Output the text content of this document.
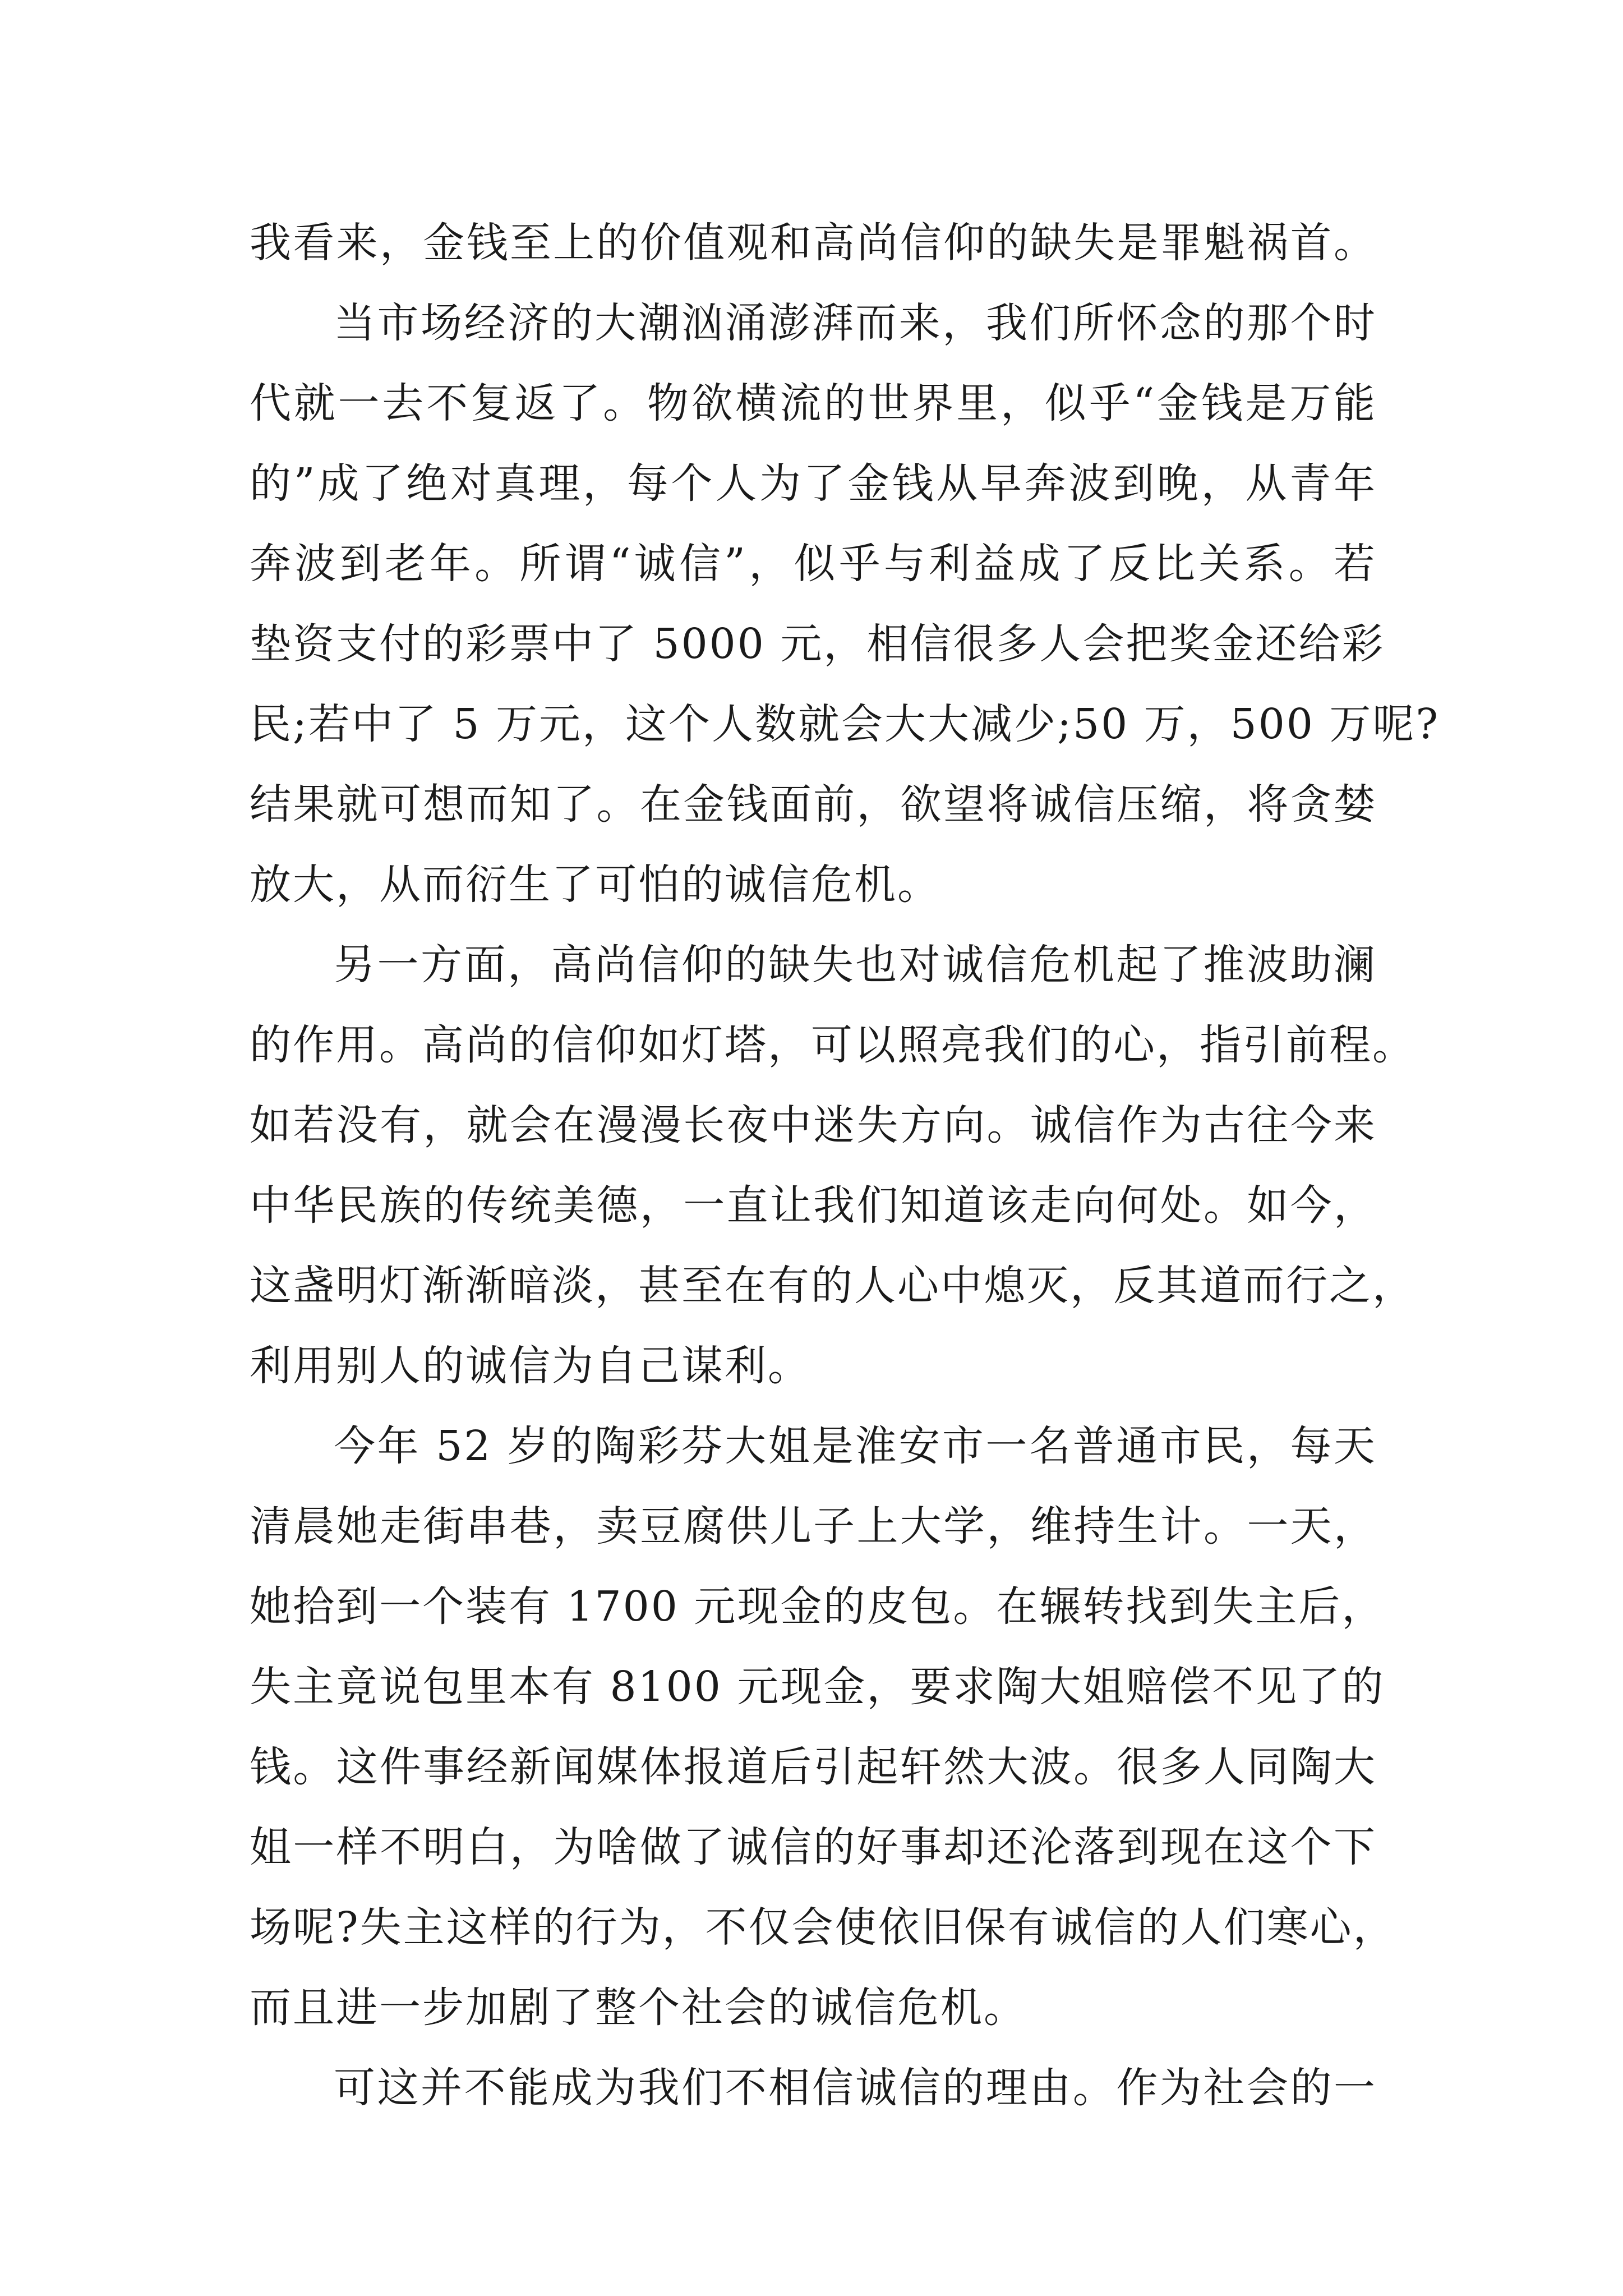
我看来，金钱至上的价值观和高尚信仰的缺失是罪魁祸首。
当市场经济的大潮汹涌澎湃而来，我们所怀念的那个时
代就一去不复返了。物欲横流的世界里，似乎“金钱是万能
的”成了绝对真理，每个人为了金钱从早奔波到晚，从青年
奔波到老年。所谓“诚信”，似乎与利益成了反比关系。若
垫资支付的彩票中了 5000 元，相信很多人会把奖金还给彩
民;若中了 5 万元，这个人数就会大大减少;50 万，500 万呢?
结果就可想而知了。在金钱面前，欲望将诚信压缩，将贪婪
放大，从而衍生了可怕的诚信危机。
另一方面，高尚信仰的缺失也对诚信危机起了推波助澜
的作用。高尚的信仰如灯塔，可以照亮我们的心，指引前程。
如若没有，就会在漫漫长夜中迷失方向。诚信作为古往今来
中华民族的传统美德，一直让我们知道该走向何处。如今，
这盏明灯渐渐暗淡，甚至在有的人心中熄灭，反其道而行之，
利用别人的诚信为自己谋利。
今年 52 岁的陶彩芬大姐是淮安市一名普通市民，每天
清晨她走街串巷，卖豆腐供儿子上大学，维持生计。一天，
她拾到一个装有 1700 元现金的皮包。在辗转找到失主后，
失主竟说包里本有 8100 元现金，要求陶大姐赔偿不见了的
钱。这件事经新闻媒体报道后引起轩然大波。很多人同陶大
姐一样不明白，为啥做了诚信的好事却还沦落到现在这个下
场呢?失主这样的行为，不仅会使依旧保有诚信的人们寒心，
而且进一步加剧了整个社会的诚信危机。
可这并不能成为我们不相信诚信的理由。作为社会的一
